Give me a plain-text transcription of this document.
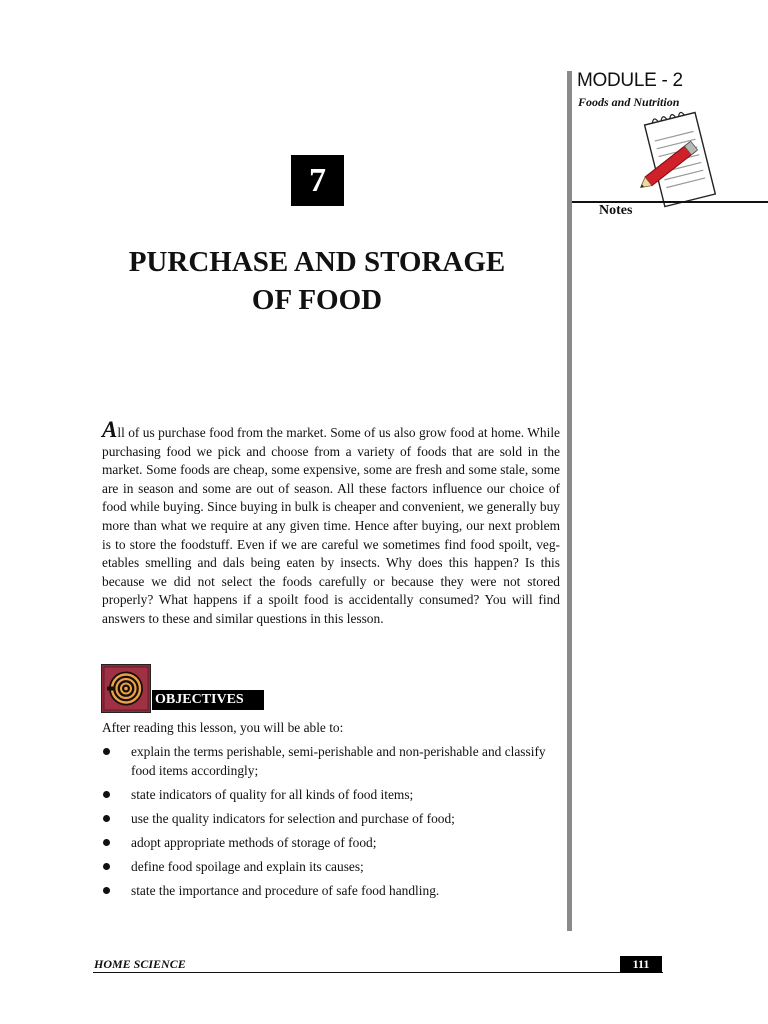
MODULE - 2
Foods and Nutrition
Notes
7
PURCHASE AND STORAGE
OF FOOD

All of us purchase food from the market. Some of us also grow food at home. While purchasing food we pick and choose from a variety of foods that are sold in the market. Some foods are cheap, some expensive, some are fresh and some stale, some are in season and some are out of season. All these factors influence our choice of food while buying. Since buying in bulk is cheaper and convenient, we generally buy more than what we require at any given time. Hence after buying, our next problem is to store the foodstuff. Even if we are careful we sometimes find food spoilt, veg-etables smelling and dals being eaten by insects. Why does this happen? Is this because we did not select the foods carefully or because they were not stored properly? What happens if a spoilt food is accidentally consumed? You will find answers to these and similar questions in this lesson.

OBJECTIVES
After reading this lesson, you will be able to:
explain the terms perishable, semi-perishable and non-perishable and classify food items accordingly;
state indicators of quality for all kinds of food items;
use the quality indicators for selection and purchase of food;
adopt appropriate methods of storage of food;
define food spoilage and explain its causes;
state the importance and procedure of safe food handling.
HOME SCIENCE	111
